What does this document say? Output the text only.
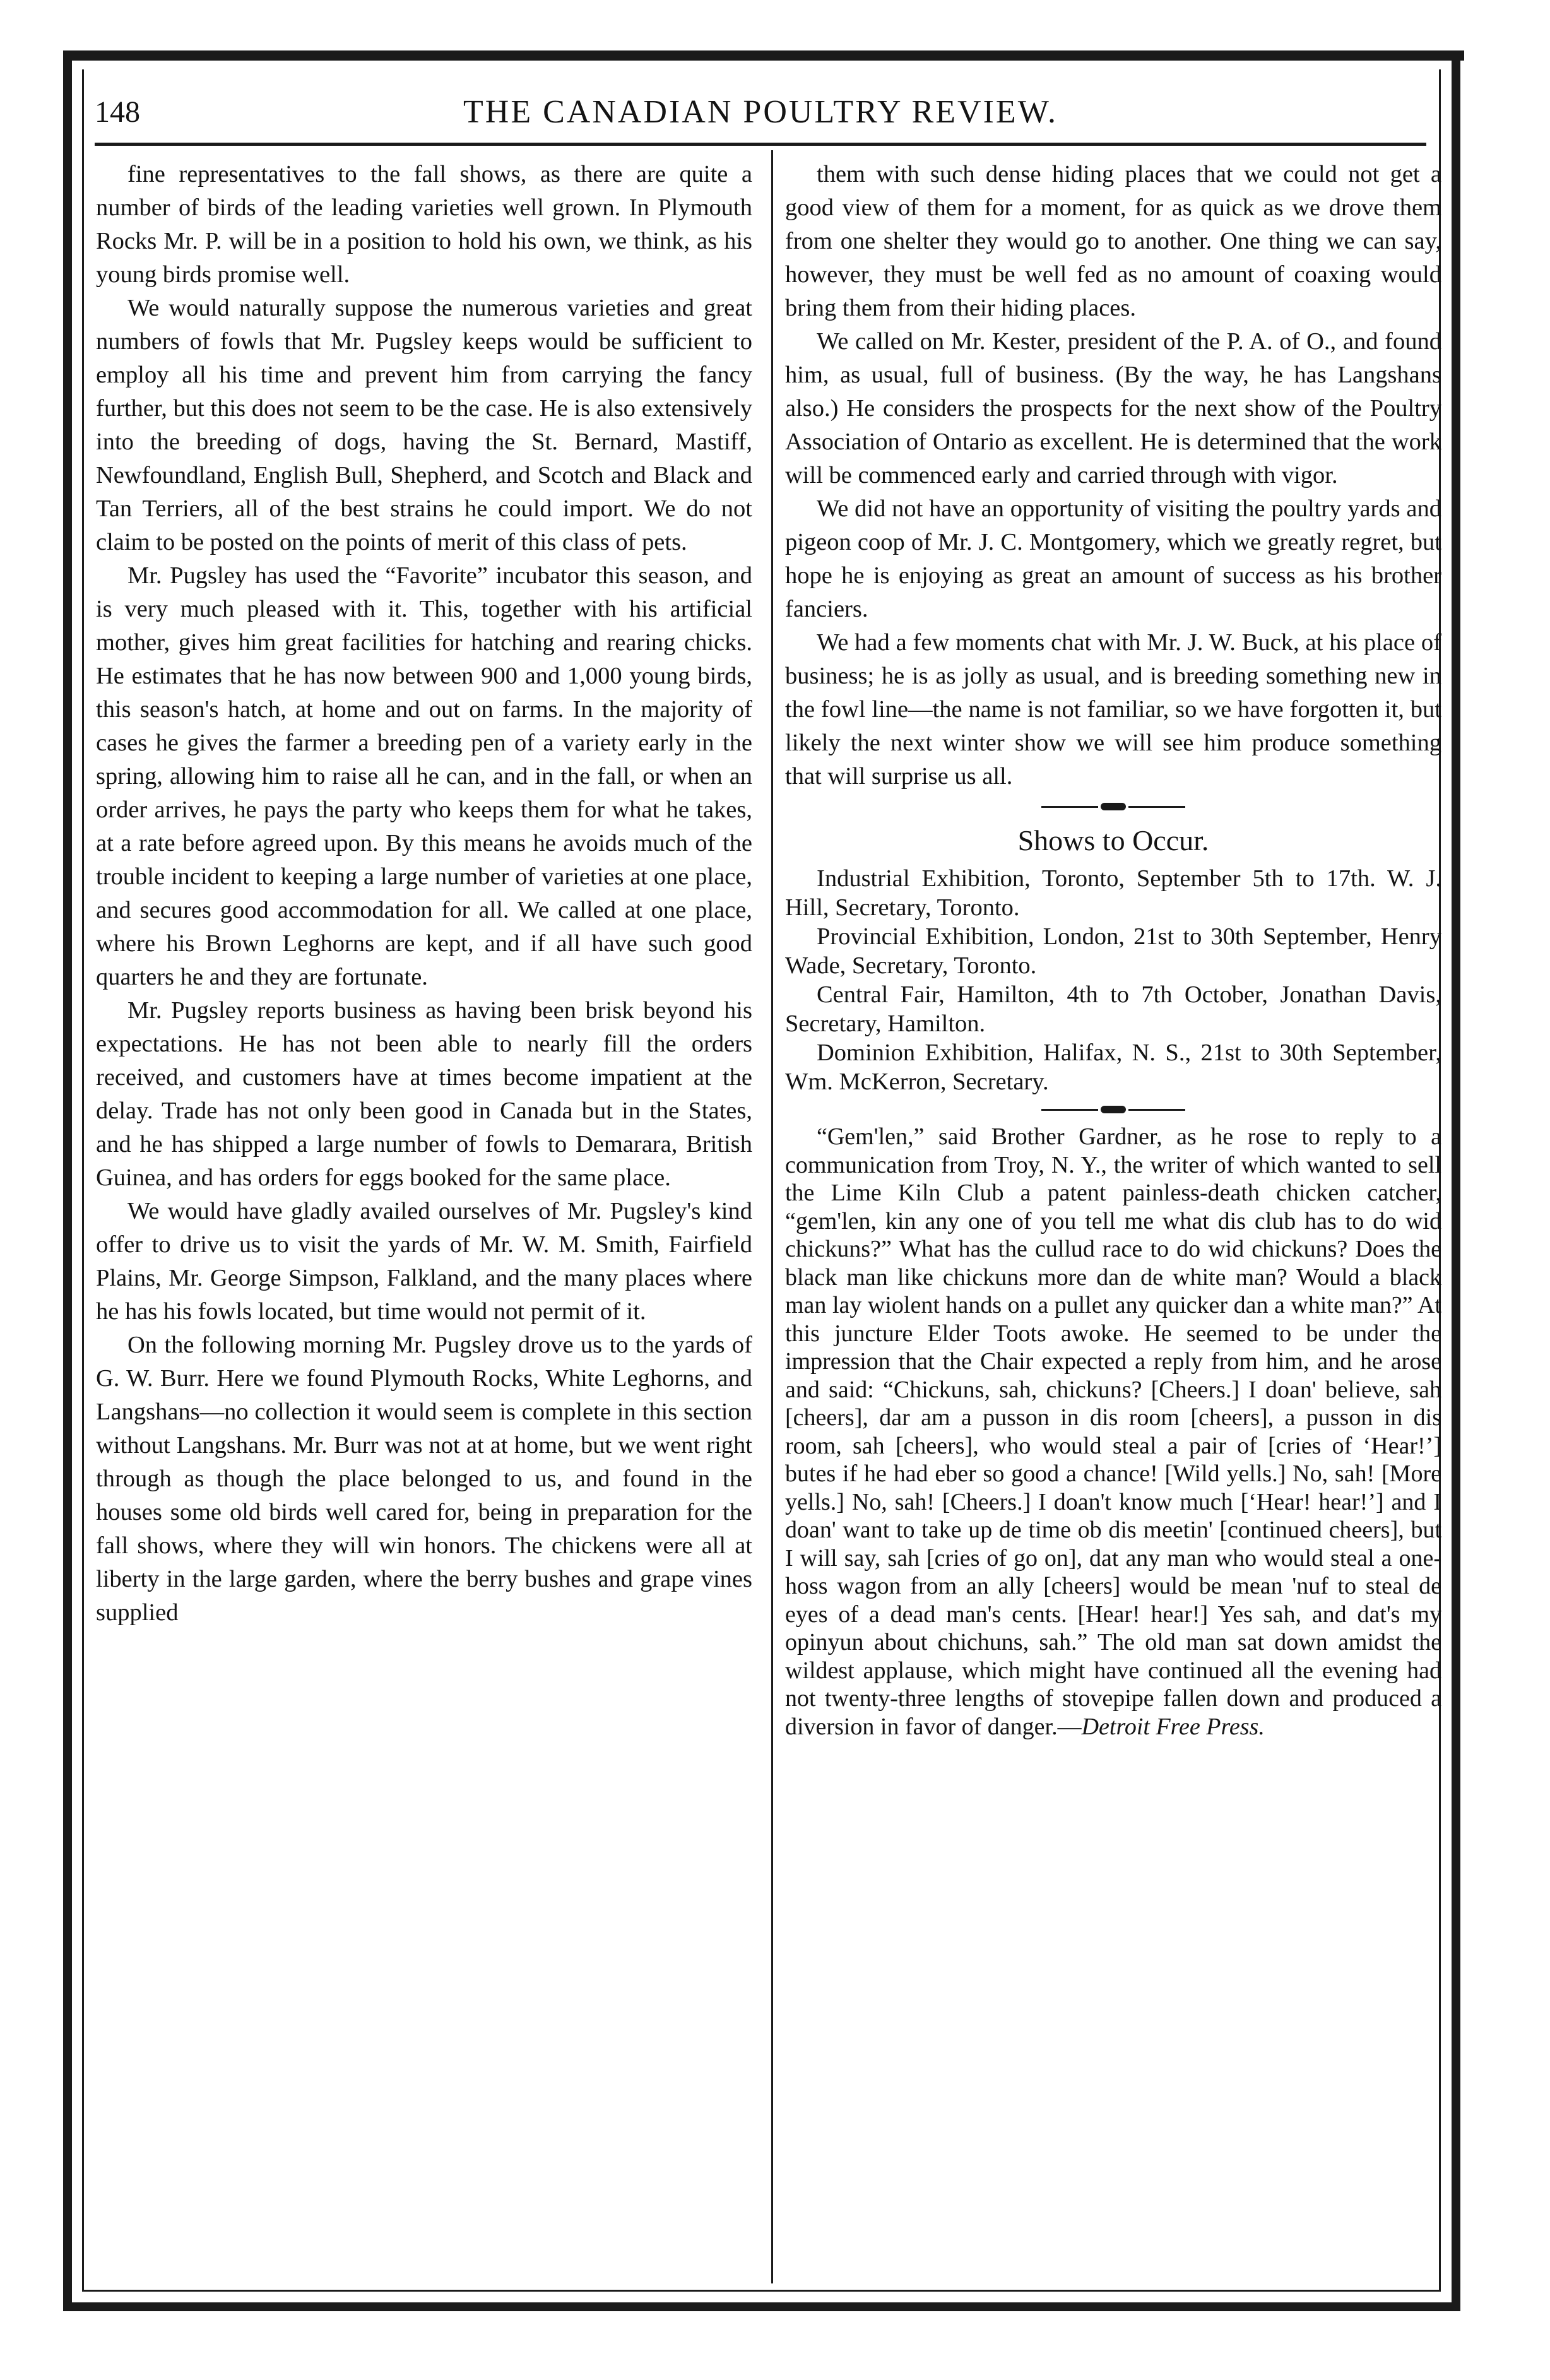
THE CANADIAN POULTRY REVIEW.
148

fine representatives to the fall shows, as there are quite a number of birds of the leading varieties well grown. In Plymouth Rocks Mr. P. will be in a position to hold his own, we think, as his young birds promise well.

We would naturally suppose the numerous varieties and great numbers of fowls that Mr. Pugsley keeps would be sufficient to employ all his time and prevent him from carrying the fancy further, but this does not seem to be the case. He is also extensively into the breeding of dogs, having the St. Bernard, Mastiff, Newfoundland, English Bull, Shepherd, and Scotch and Black and Tan Terriers, all of the best strains he could import. We do not claim to be posted on the points of merit of this class of pets.

Mr. Pugsley has used the “Favorite” incubator this season, and is very much pleased with it. This, together with his artificial mother, gives him great facilities for hatching and rearing chicks. He estimates that he has now between 900 and 1,000 young birds, this season's hatch, at home and out on farms. In the majority of cases he gives the farmer a breeding pen of a variety early in the spring, allowing him to raise all he can, and in the fall, or when an order arrives, he pays the party who keeps them for what he takes, at a rate before agreed upon. By this means he avoids much of the trouble incident to keeping a large number of varieties at one place, and secures good accommodation for all. We called at one place, where his Brown Leghorns are kept, and if all have such good quarters he and they are fortunate.

Mr. Pugsley reports business as having been brisk beyond his expectations. He has not been able to nearly fill the orders received, and customers have at times become impatient at the delay. Trade has not only been good in Canada but in the States, and he has shipped a large number of fowls to Demarara, British Guinea, and has orders for eggs booked for the same place.

We would have gladly availed ourselves of Mr. Pugsley's kind offer to drive us to visit the yards of Mr. W. M. Smith, Fairfield Plains, Mr. George Simpson, Falkland, and the many places where he has his fowls located, but time would not permit of it.

On the following morning Mr. Pugsley drove us to the yards of G. W. Burr. Here we found Plymouth Rocks, White Leghorns, and Langshans—no collection it would seem is complete in this section without Langshans. Mr. Burr was not at at home, but we went right through as though the place belonged to us, and found in the houses some old birds well cared for, being in preparation for the fall shows, where they will win honors. The chickens were all at liberty in the large garden, where the berry bushes and grape vines supplied

them with such dense hiding places that we could not get a good view of them for a moment, for as quick as we drove them from one shelter they would go to another. One thing we can say, however, they must be well fed as no amount of coaxing would bring them from their hiding places.

We called on Mr. Kester, president of the P. A. of O., and found him, as usual, full of business. (By the way, he has Langshans also.) He considers the prospects for the next show of the Poultry Association of Ontario as excellent. He is determined that the work will be commenced early and carried through with vigor.

We did not have an opportunity of visiting the poultry yards and pigeon coop of Mr. J. C. Montgomery, which we greatly regret, but hope he is enjoying as great an amount of success as his brother fanciers.

We had a few moments chat with Mr. J. W. Buck, at his place of business; he is as jolly as usual, and is breeding something new in the fowl line—the name is not familiar, so we have forgotten it, but likely the next winter show we will see him produce something that will surprise us all.

Shows to Occur.

Industrial Exhibition, Toronto, September 5th to 17th. W. J. Hill, Secretary, Toronto.

Provincial Exhibition, London, 21st to 30th September, Henry Wade, Secretary, Toronto.

Central Fair, Hamilton, 4th to 7th October, Jonathan Davis, Secretary, Hamilton.

Dominion Exhibition, Halifax, N. S., 21st to 30th September, Wm. McKerron, Secretary.

“Gem'len,” said Brother Gardner, as he rose to reply to a communication from Troy, N. Y., the writer of which wanted to sell the Lime Kiln Club a patent painless-death chicken catcher, “gem'len, kin any one of you tell me what dis club has to do wid chickuns?” What has the cullud race to do wid chickuns? Does the black man like chickuns more dan de white man? Would a black man lay wiolent hands on a pullet any quicker dan a white man?” At this juncture Elder Toots awoke. He seemed to be under the impression that the Chair expected a reply from him, and he arose and said: “Chickuns, sah, chickuns? [Cheers.] I doan' believe, sah [cheers], dar am a pusson in dis room [cheers], a pusson in dis room, sah [cheers], who would steal a pair of [cries of ‘Hear!’] butes if he had eber so good a chance! [Wild yells.] No, sah! [More yells.] No, sah! [Cheers.] I doan't know much [‘Hear! hear!’] and I doan' want to take up de time ob dis meetin' [continued cheers], but I will say, sah [cries of go on], dat any man who would steal a one-hoss wagon from an ally [cheers] would be mean 'nuf to steal de eyes of a dead man's cents. [Hear! hear!] Yes sah, and dat's my opinyun about chichuns, sah.” The old man sat down amidst the wildest applause, which might have continued all the evening had not twenty-three lengths of stovepipe fallen down and produced a diversion in favor of danger.—Detroit Free Press.
